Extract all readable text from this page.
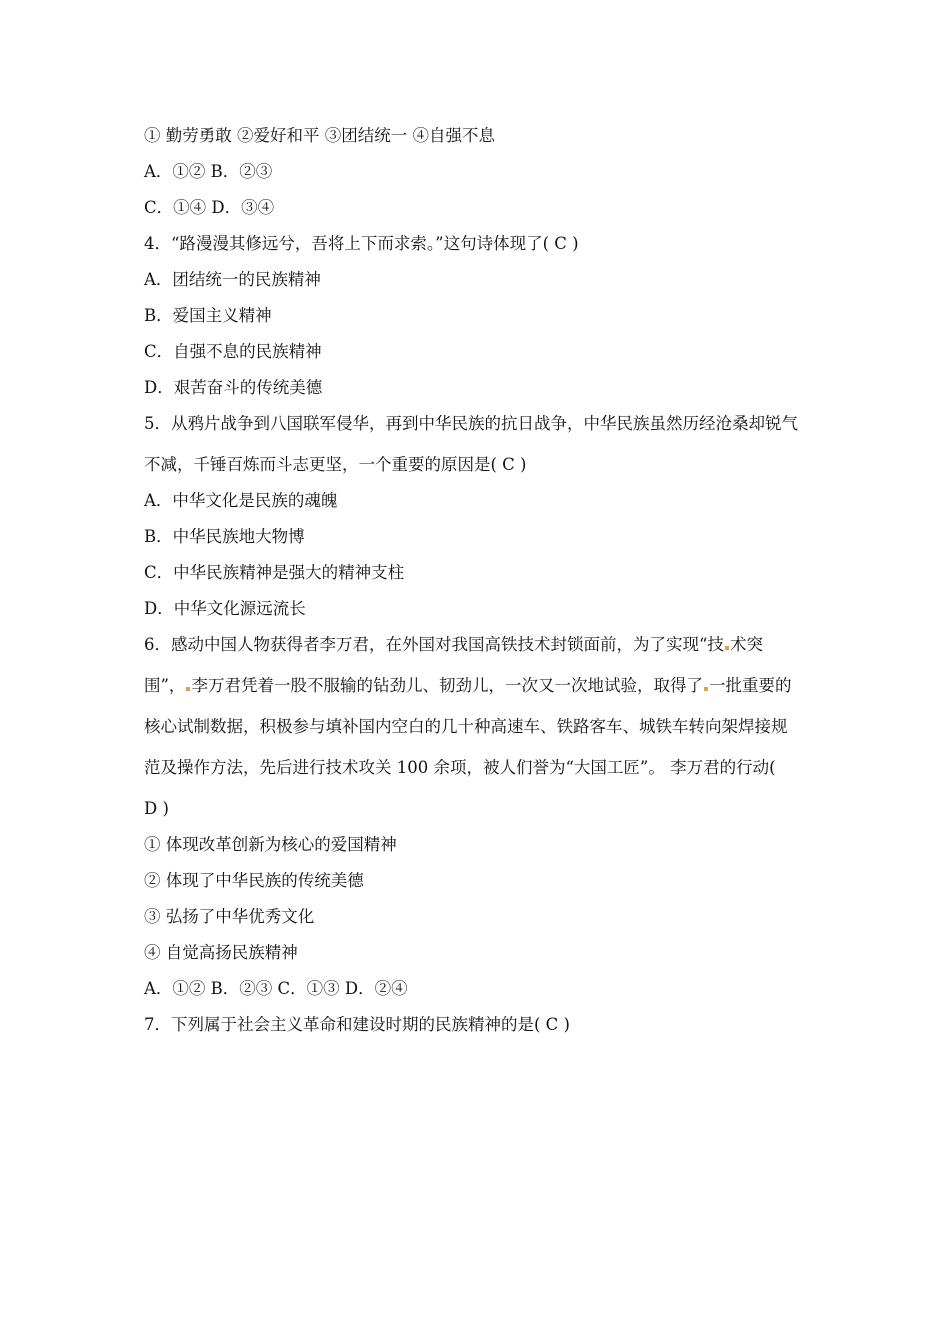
① 勤劳勇敢 ②爱好和平 ③团结统一 ④自强不息
A．①② B．②③
C．①④ D．③④
4．“路漫漫其修远兮，吾将上下而求索。”这句诗体现了( C )
A．团结统一的民族精神
B．爱国主义精神
C．自强不息的民族精神
D．艰苦奋斗的传统美德
5．从鸦片战争到八国联军侵华，再到中华民族的抗日战争，中华民族虽然历经沧桑却锐气
不减，千锤百炼而斗志更坚，一个重要的原因是( C )
A．中华文化是民族的魂魄
B．中华民族地大物博
C．中华民族精神是强大的精神支柱
D．中华文化源远流长
6．感动中国人物获得者李万君，在外国对我国高铁技术封锁面前，为了实现“技 术突
围”， 李万君凭着一股不服输的钻劲儿、韧劲儿，一次又一次地试验，取得了 一批重要的
核心试制数据，积极参与填补国内空白的几十种高速车、铁路客车、城铁车转向架焊接规
范及操作方法，先后进行技术攻关 100 余项，被人们誉为“大国工匠”。 李万君的行动(
D )
① 体现改革创新为核心的爱国精神
② 体现了中华民族的传统美德
③ 弘扬了中华优秀文化
④ 自觉高扬民族精神
A．①② B．②③ C．①③ D．②④
7．下列属于社会主义革命和建设时期的民族精神的是( C )
